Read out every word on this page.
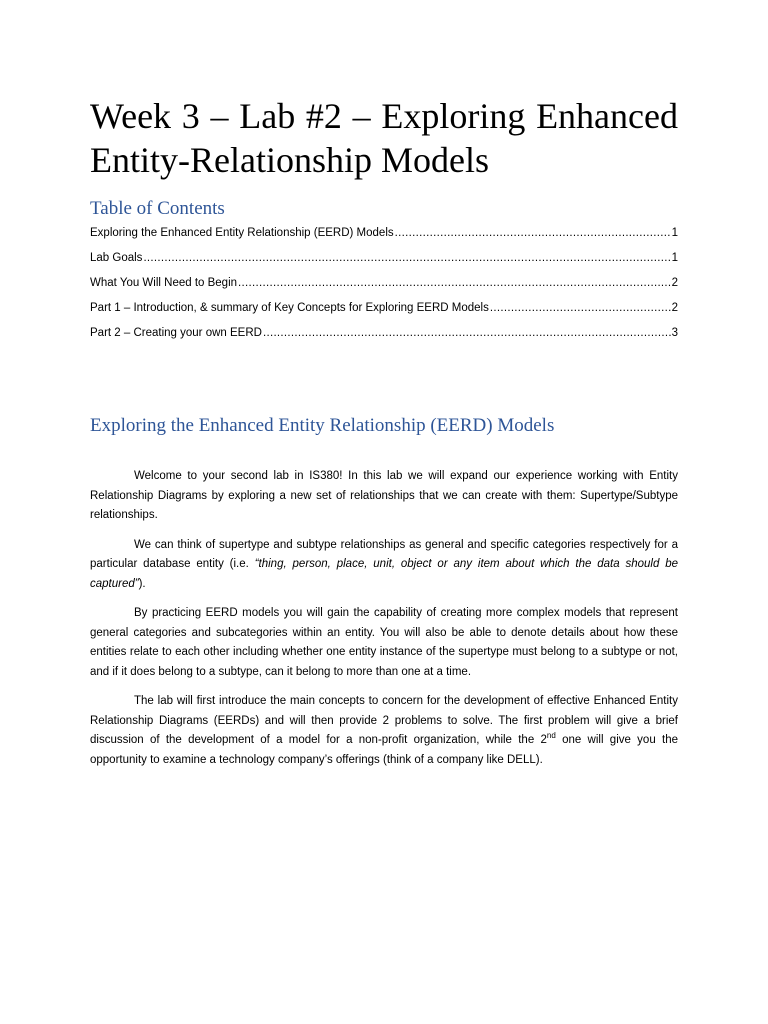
Week 3 – Lab #2 – Exploring Enhanced
Entity-Relationship Models
Table of Contents
Exploring the Enhanced Entity Relationship (EERD) Models .....	1
Lab Goals .....	1
What You Will Need to Begin .....	2
Part 1 – Introduction, & summary of Key Concepts for Exploring EERD Models .....	2
Part 2 – Creating your own EERD .....	3
Exploring the Enhanced Entity Relationship (EERD) Models

Welcome to your second lab in IS380! In this lab we will expand our experience working with Entity Relationship Diagrams by exploring a new set of relationships that we can create with them: Supertype/Subtype relationships.

We can think of supertype and subtype relationships as general and specific categories respectively for a particular database entity (i.e. “thing, person, place, unit, object or any item about which the data should be captured”).

By practicing EERD models you will gain the capability of creating more complex models that represent general categories and subcategories within an entity. You will also be able to denote details about how these entities relate to each other including whether one entity instance of the supertype must belong to a subtype or not, and if it does belong to a subtype, can it belong to more than one at a time.

The lab will first introduce the main concepts to concern for the development of effective Enhanced Entity Relationship Diagrams (EERDs) and will then provide 2 problems to solve. The first problem will give a brief discussion of the development of a model for a non-profit organization, while the 2nd one will give you the opportunity to examine a technology company’s offerings (think of a company like DELL).
